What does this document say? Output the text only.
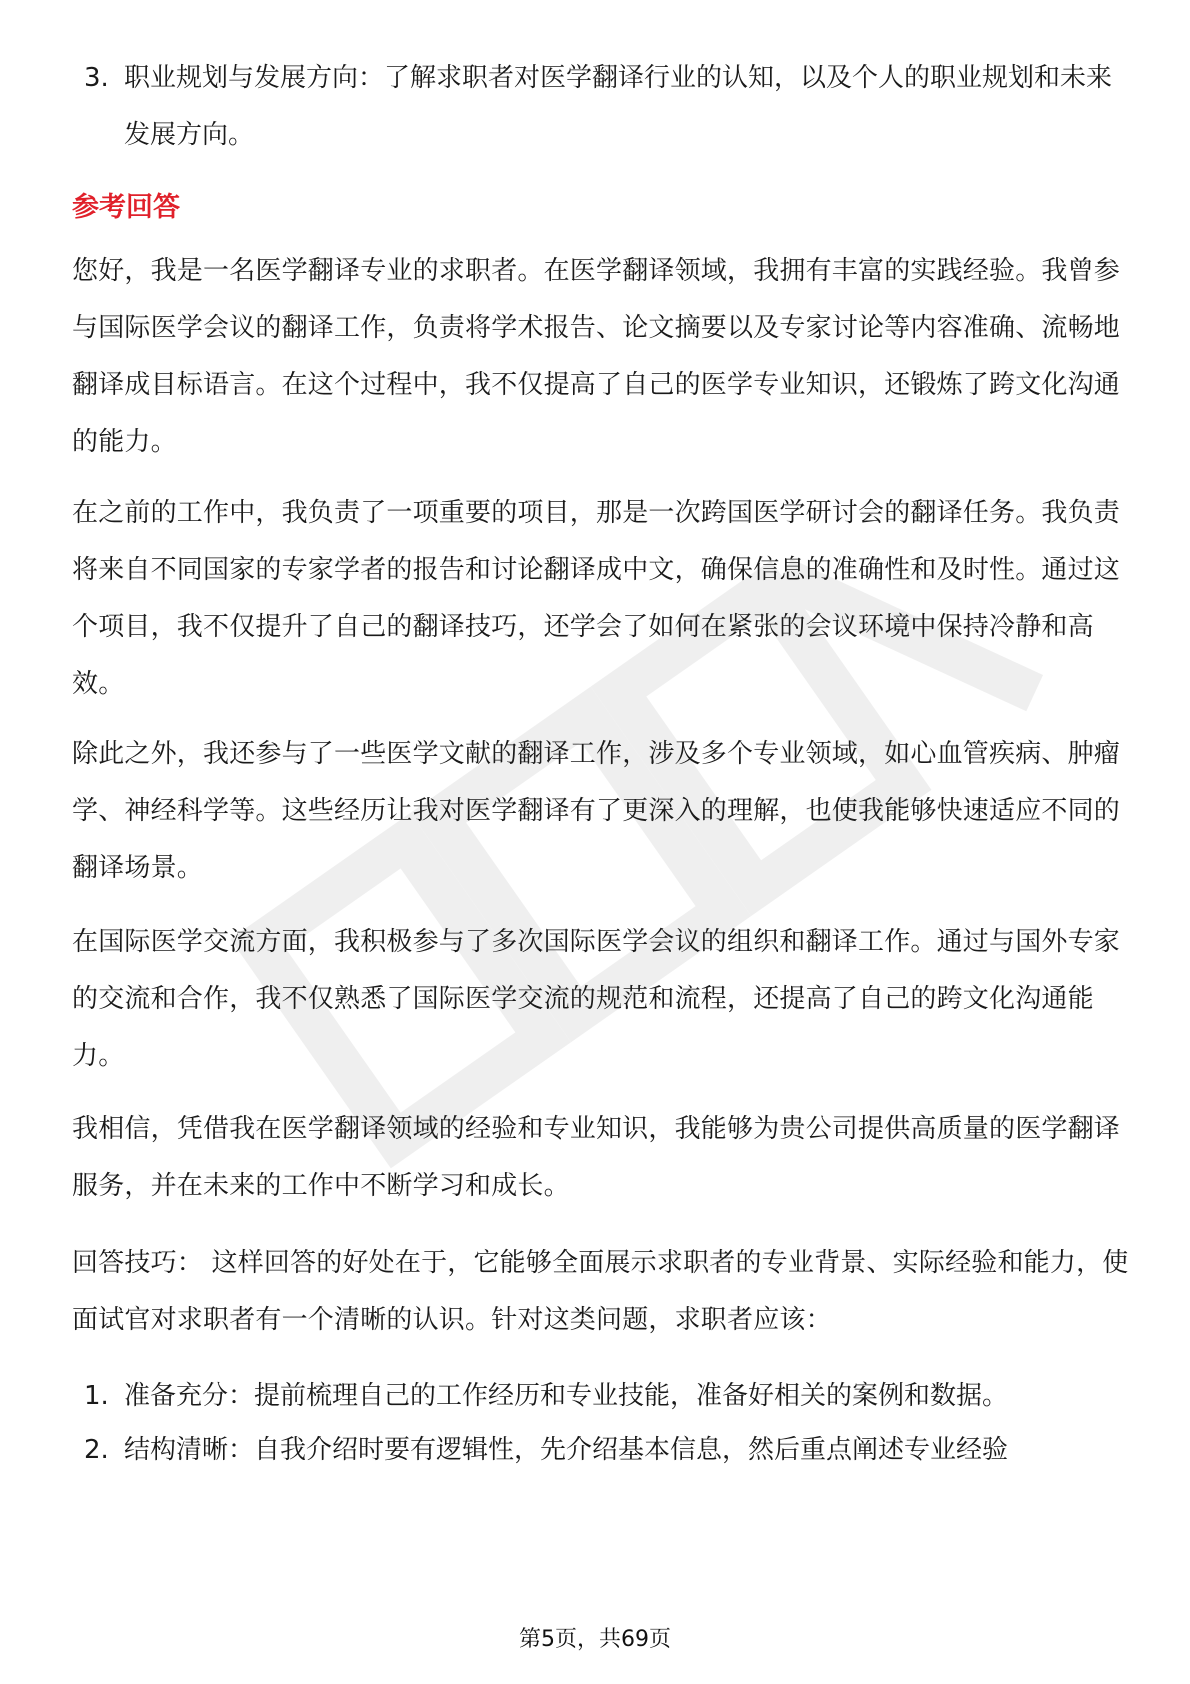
3. 职业规划与发展方向：了解求职者对医学翻译行业的认知，以及个人的职业规划和未来发展方向。
参考回答
您好，我是一名医学翻译专业的求职者。在医学翻译领域，我拥有丰富的实践经验。我曾参与国际医学会议的翻译工作，负责将学术报告、论文摘要以及专家讨论等内容准确、流畅地翻译成目标语言。在这个过程中，我不仅提高了自己的医学专业知识，还锻炼了跨文化沟通的能力。
在之前的工作中，我负责了一项重要的项目，那是一次跨国医学研讨会的翻译任务。我负责将来自不同国家的专家学者的报告和讨论翻译成中文，确保信息的准确性和及时性。通过这个项目，我不仅提升了自己的翻译技巧，还学会了如何在紧张的会议环境中保持冷静和高效。
除此之外，我还参与了一些医学文献的翻译工作，涉及多个专业领域，如心血管疾病、肿瘤学、神经科学等。这些经历让我对医学翻译有了更深入的理解，也使我能够快速适应不同的翻译场景。
在国际医学交流方面，我积极参与了多次国际医学会议的组织和翻译工作。通过与国外专家的交流和合作，我不仅熟悉了国际医学交流的规范和流程，还提高了自己的跨文化沟通能力。
我相信，凭借我在医学翻译领域的经验和专业知识，我能够为贵公司提供高质量的医学翻译服务，并在未来的工作中不断学习和成长。
回答技巧： 这样回答的好处在于，它能够全面展示求职者的专业背景、实际经验和能力，使面试官对求职者有一个清晰的认识。针对这类问题，求职者应该：
1. 准备充分：提前梳理自己的工作经历和专业技能，准备好相关的案例和数据。
2. 结构清晰：自我介绍时要有逻辑性，先介绍基本信息，然后重点阐述专业经验
第5页，共69页
